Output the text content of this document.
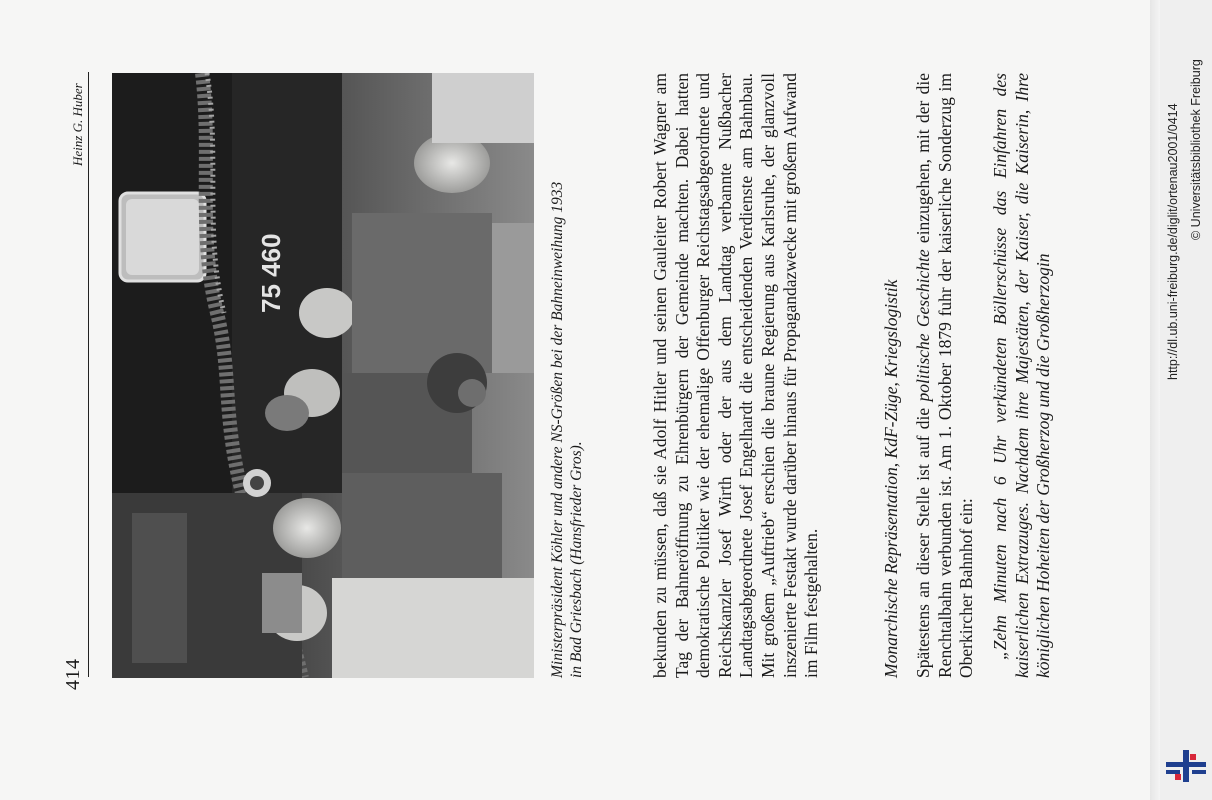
414
Heinz G. Huber
75 460	Ministerpräsident Köhler und andere NS-Größen bei der Bahneinweihung 1933 in Bad Griesbach (Hansfrieder Gros).	bekunden zu müssen, daß sie Adolf Hitler und seinen Gauleiter Robert Wagner am Tag der Bahneröffnung zu Ehrenbürgern der Gemeinde machten. Dabei hatten demokratische Politiker wie der ehemalige Offenburger Reichstagsabgeordnete und Reichskanzler Josef Wirth oder der aus dem Landtag verbannte Nußbacher Landtagsabgeordnete Josef Engelhardt die entscheidenden Verdienste am Bahnbau. Mit großem „Auftrieb“ erschien die braune Regierung aus Karlsruhe, der glanzvoll inszenierte Festakt wurde darüber hinaus für Propagandazwecke mit großem Aufwand im Film festgehalten.	Monarchische Repräsentation, KdF-Züge, Kriegslogistik Spätestens an dieser Stelle ist auf die politische Geschichte einzugehen, mit der die Renchtalbahn verbunden ist. Am 1. Oktober 1879 fuhr der kaiserliche Sonderzug im Oberkircher Bahnhof ein: „Zehn Minuten nach 6 Uhr verkündeten Böllerschüsse das Einfahren des kaiserlichen Extrazuges. Nachdem ihre Majestäten, der Kaiser, die Kaiserin, Ihre königlichen Hoheiten der Großherzog und die Großherzogin
http://dl.ub.uni-freiburg.de/diglit/ortenau2001/0414 © Universitätsbibliothek Freiburg
